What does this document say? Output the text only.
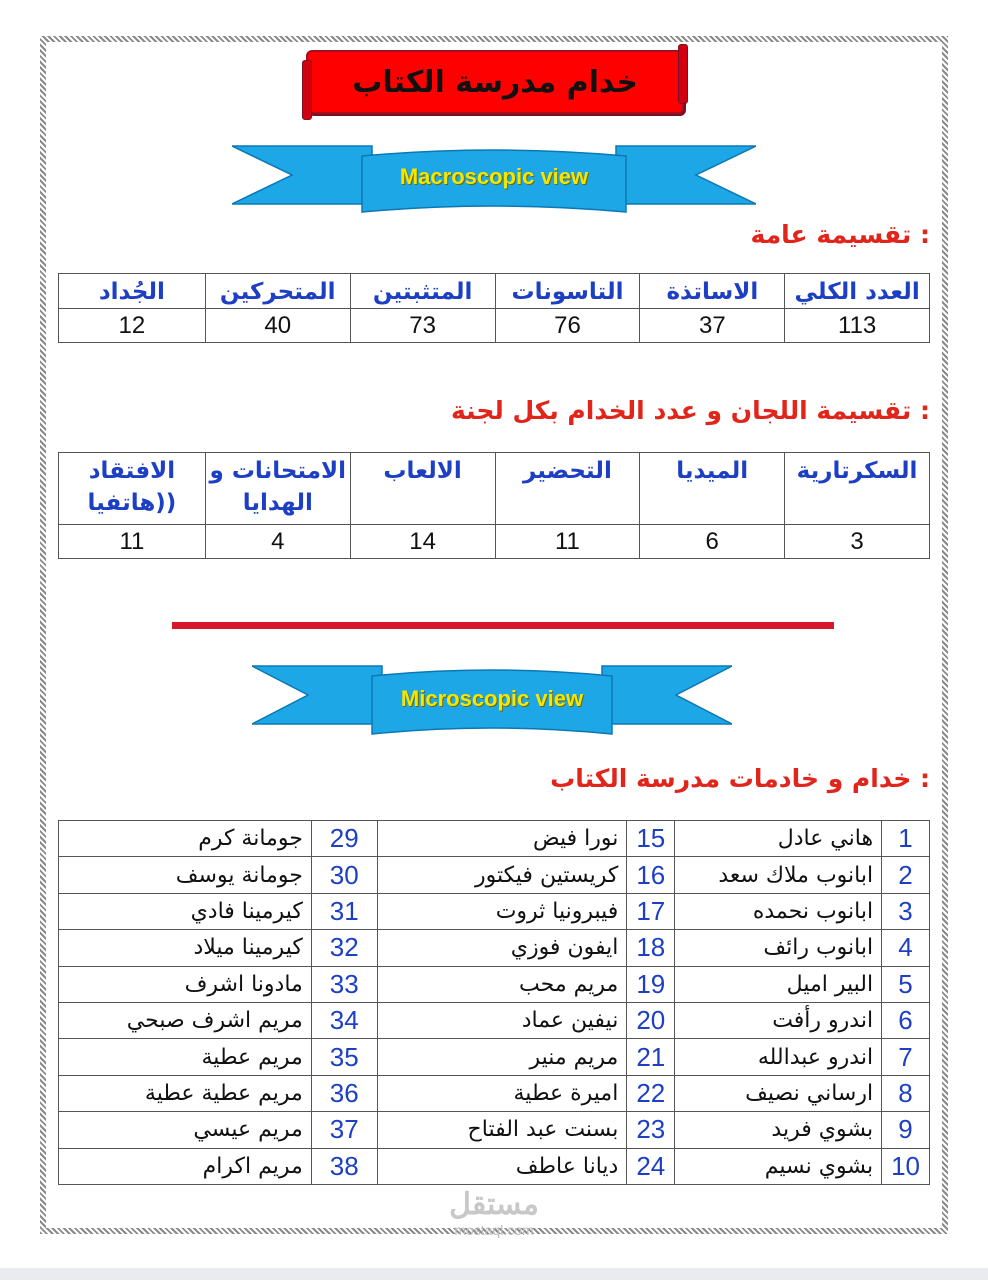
خدام مدرسة الكتاب
Macroscopic view
: تقسيمة عامة
العدد الكلي	الاساتذة	التاسونات	المتثبتين	المتحركين	الجُداد
113	37	76	73	40	12
: تقسيمة اللجان و عدد الخدام بكل لجنة
السكرتارية	الميديا	التحضير	الالعاب	الامتحانات و الهدايا	الافتقاد ((هاتفيا
3	6	11	14	4	11
Microscopic view
: خدام و خادمات مدرسة الكتاب
1	هاني عادل	15	نورا فيض	29	جومانة كرم
2	ابانوب ملاك سعد	16	كريستين فيكتور	30	جومانة يوسف
3	ابانوب نحمده	17	فيبرونيا ثروت	31	كيرمينا فادي
4	ابانوب رائف	18	ايفون فوزي	32	كيرمينا ميلاد
5	البير اميل	19	مريم محب	33	مادونا اشرف
6	اندرو رأفت	20	نيفين عماد	34	مريم اشرف صبحي
7	اندرو عبدالله	21	مريم منير	35	مريم عطية
8	ارساني نصيف	22	اميرة عطية	36	مريم عطية عطية
9	بشوي فريد	23	بسنت عبد الفتاح	37	مريم عيسي
10	بشوي نسيم	24	ديانا عاطف	38	مريم اكرام
مستقل
mostaql.com
